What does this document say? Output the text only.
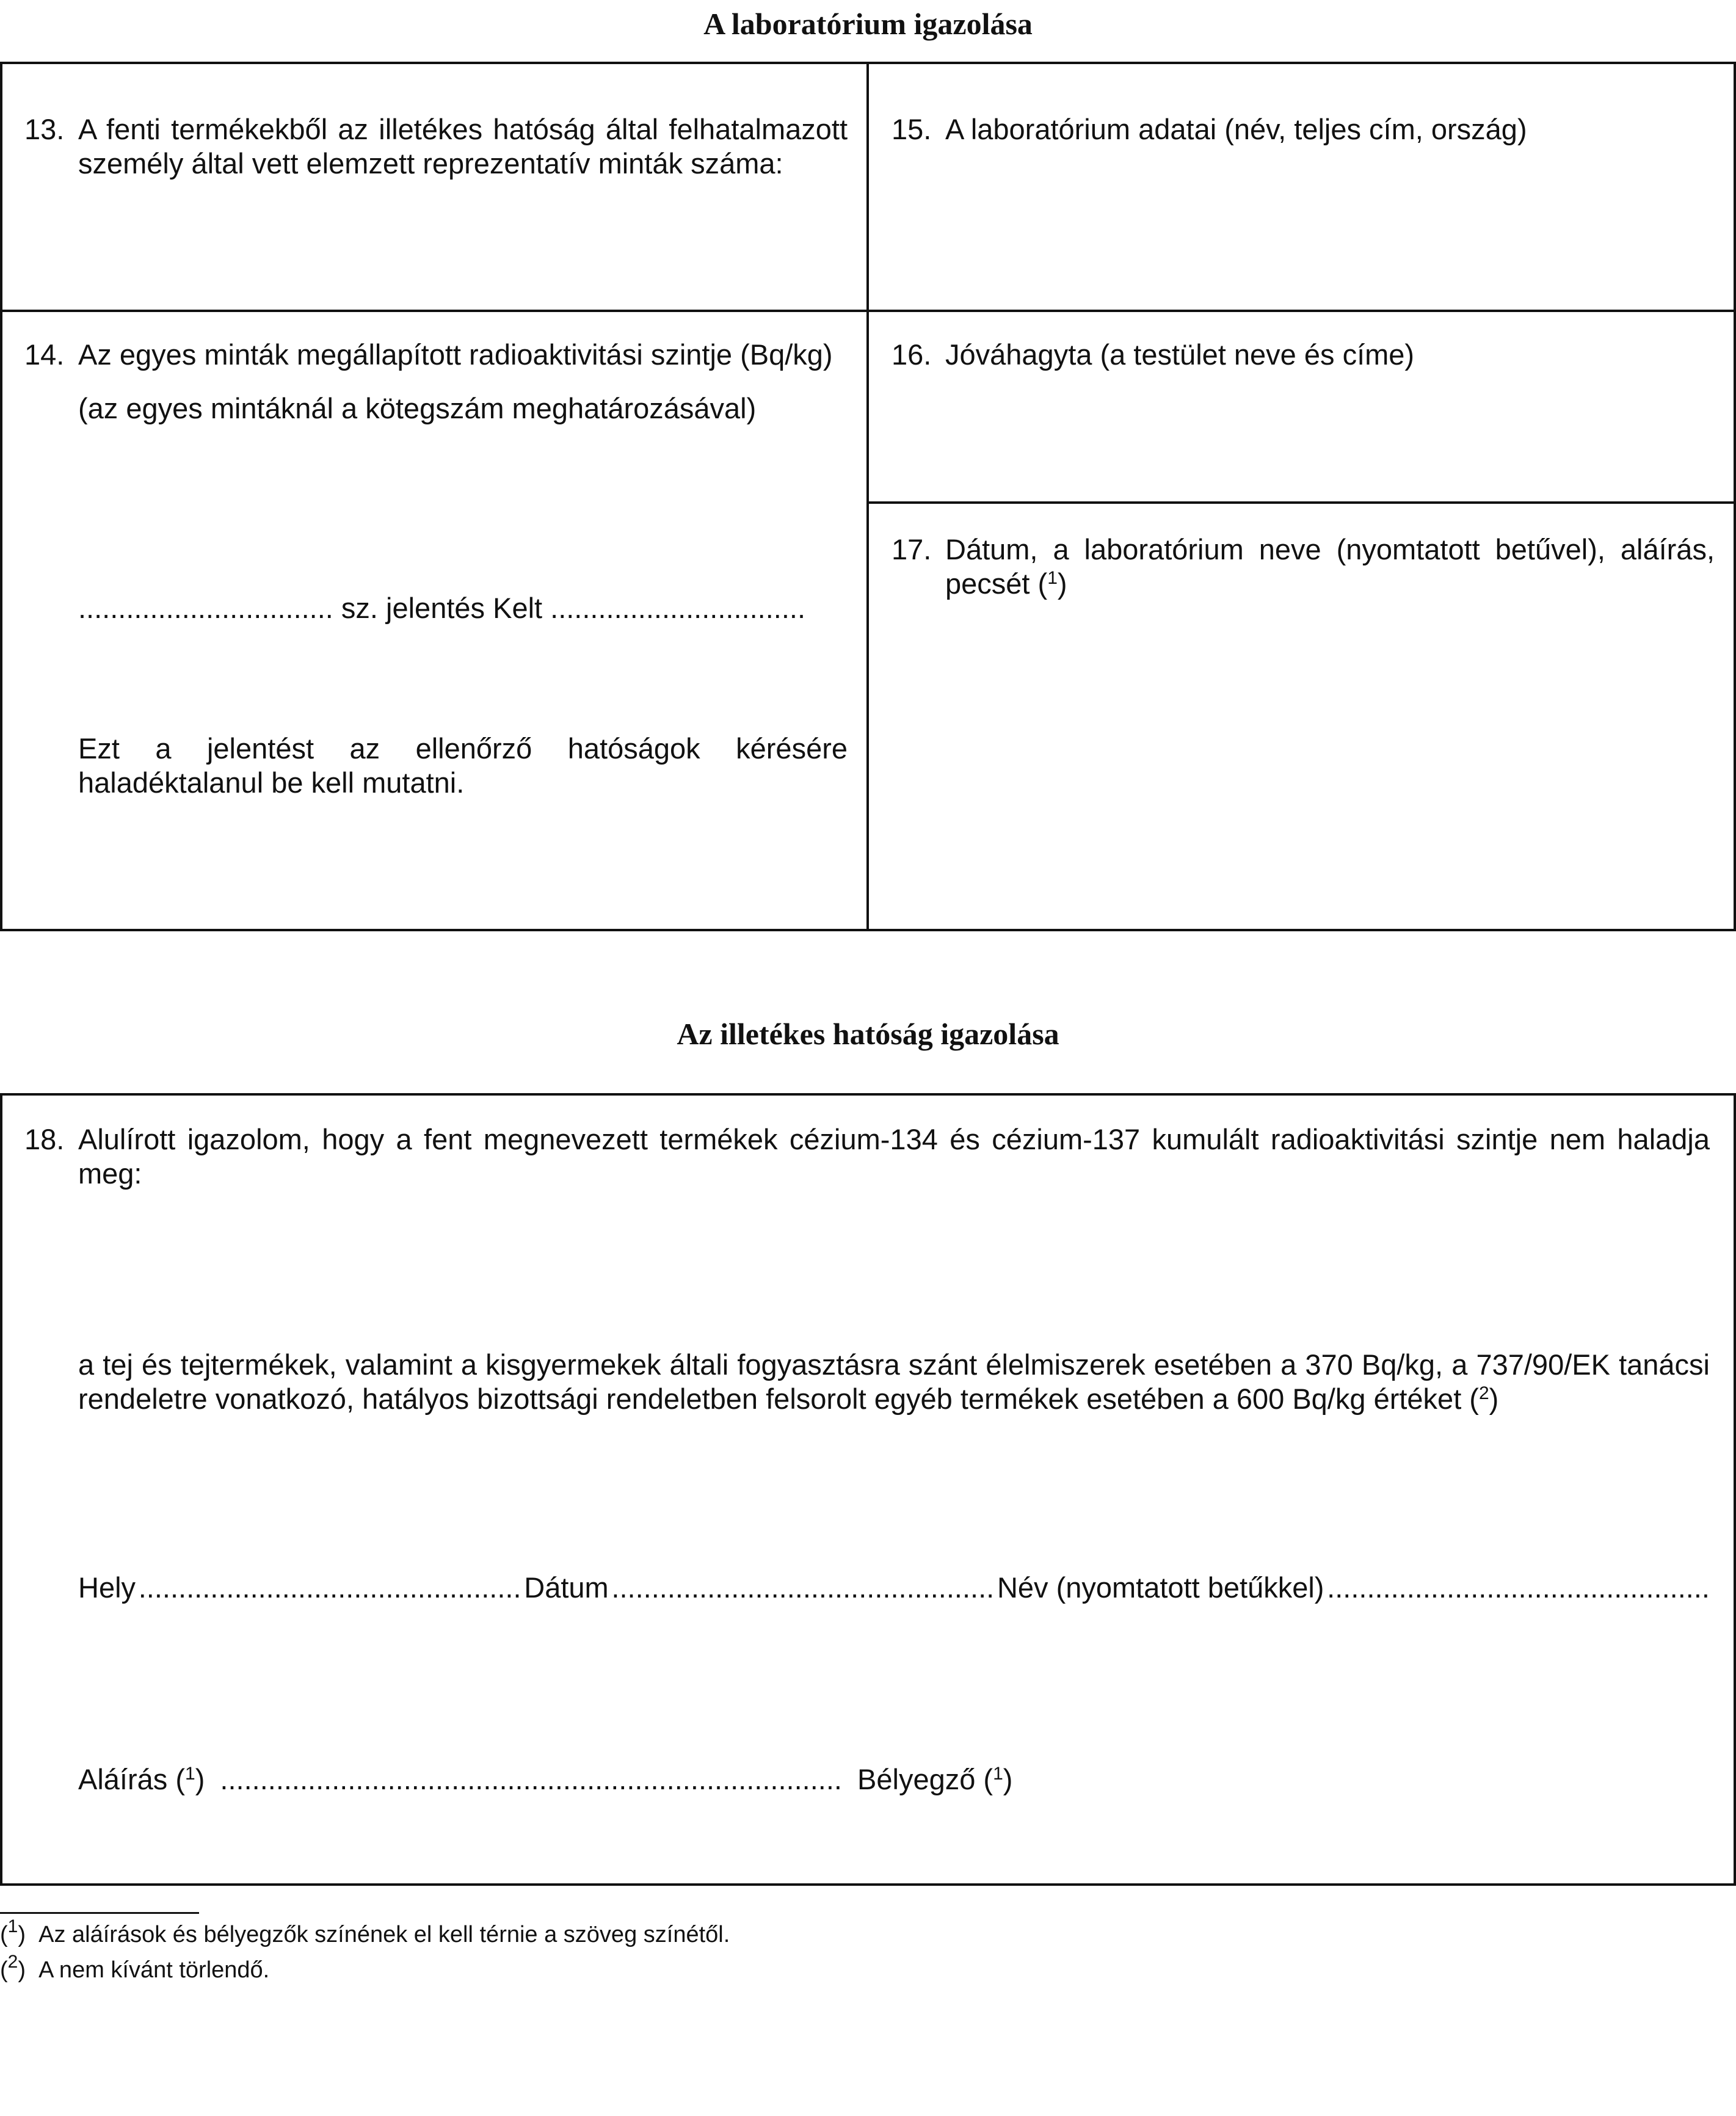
A laboratórium igazolása
13. A fenti termékekből az illetékes hatóság által felhatalmazott személy által vett elemzett reprezentatív minták száma:
15. A laboratórium adatai (név, teljes cím, ország)
14. Az egyes minták megállapított radioaktivitási szintje (Bq/kg)
(az egyes mintáknál a kötegszám meghatározásával)
................................ sz. jelentés Kelt ................................
Ezt a jelentést az ellenőrző hatóságok kérésére haladéktalanul be kell mutatni.
16. Jóváhagyta (a testület neve és címe)
17. Dátum, a laboratórium neve (nyomtatott betűvel), aláírás, pecsét ($^1$)
Az illetékes hatóság igazolása
18. Alulírott igazolom, hogy a fent megnevezett termékek cézium-134 és cézium-137 kumulált radioaktivitási szintje nem haladja meg:
a tej és tejtermékek, valamint a kisgyermekek általi fogyasztásra szánt élelmiszerek esetében a 370 Bq/kg, a 737/90/EK tanácsi rendeletre vonatkozó, hatályos bizottsági rendeletben felsorolt egyéb termékek esetében a 600 Bq/kg értéket ($^2$)
Hely ................................................ Dátum ................................................ Név (nyomtatott betűkkel) ................................................
Aláírás ($^1$) .............................................................................. Bélyegző ($^1$)
($^1$)  Az aláírások és bélyegzők színének el kell térnie a szöveg színétől.
($^2$)  A nem kívánt törlendő.
